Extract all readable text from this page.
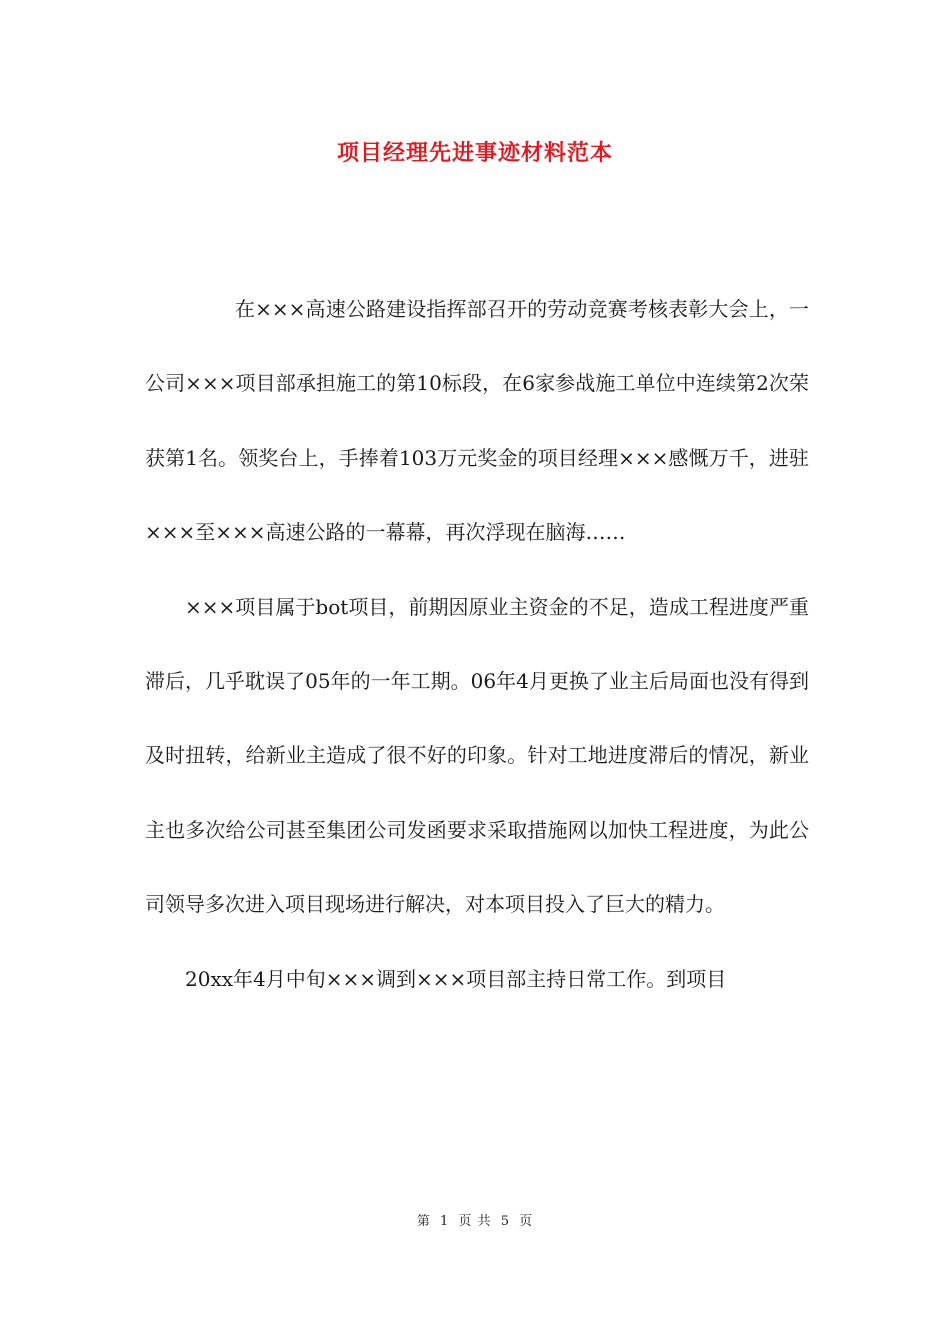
项目经理先进事迹材料范本

在×××高速公路建设指挥部召开的劳动竞赛考核表彰大会上，一公司×××项目部承担施工的第10标段，在6家参战施工单位中连续第2次荣获第1名。领奖台上，手捧着103万元奖金的项目经理×××感慨万千，进驻×××至×××高速公路的一幕幕，再次浮现在脑海……

×××项目属于bot项目，前期因原业主资金的不足，造成工程进度严重滞后，几乎耽误了05年的一年工期。06年4月更换了业主后局面也没有得到及时扭转，给新业主造成了很不好的印象。针对工地进度滞后的情况，新业主也多次给公司甚至集团公司发函要求采取措施网以加快工程进度，为此公司领导多次进入项目现场进行解决，对本项目投入了巨大的精力。

20xx年4月中旬×××调到×××项目部主持日常工作。到项目

第 1 页 共 5 页
